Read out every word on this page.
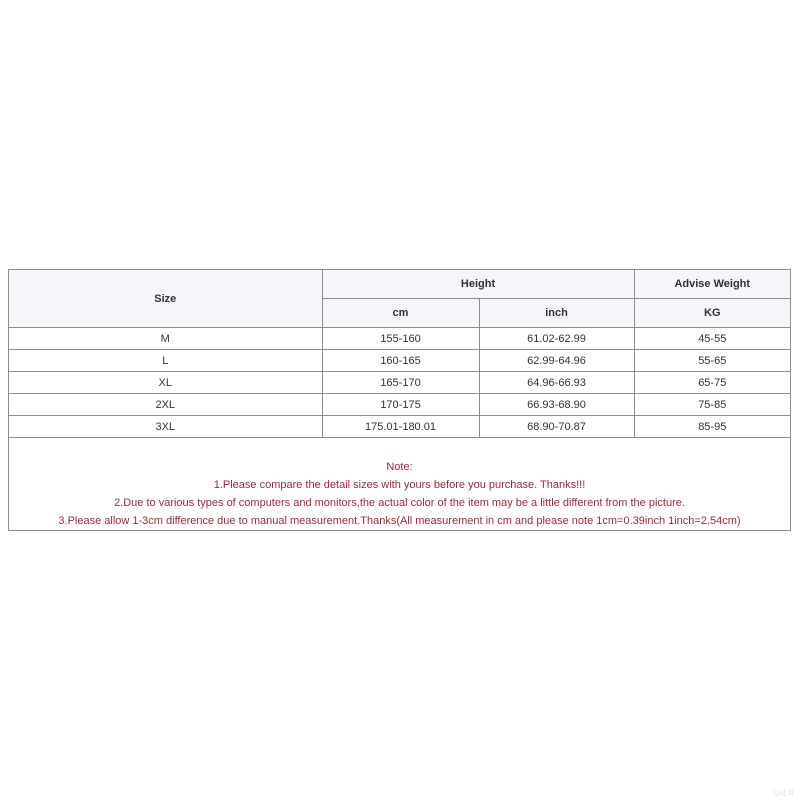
Size	Height		Advise Weight
	cm	inch	KG
M	155-160	61.02-62.99	45-55
L	160-165	62.99-64.96	55-65
XL	165-170	64.96-66.93	65-75
2XL	170-175	66.93-68.90	75-85
3XL	175.01-180.01	68.90-70.87	85-95
Note:
1.Please compare the detail sizes with yours before you purchase. Thanks!!!
2.Due to various types of computers and monitors,the actual color of the item may be a little different from the picture.
3.Please allow 1-3cm difference due to manual measurement.Thanks(All measurement in cm and please note 1cm=0.39inch 1inch=2.54cm)
SHLR
